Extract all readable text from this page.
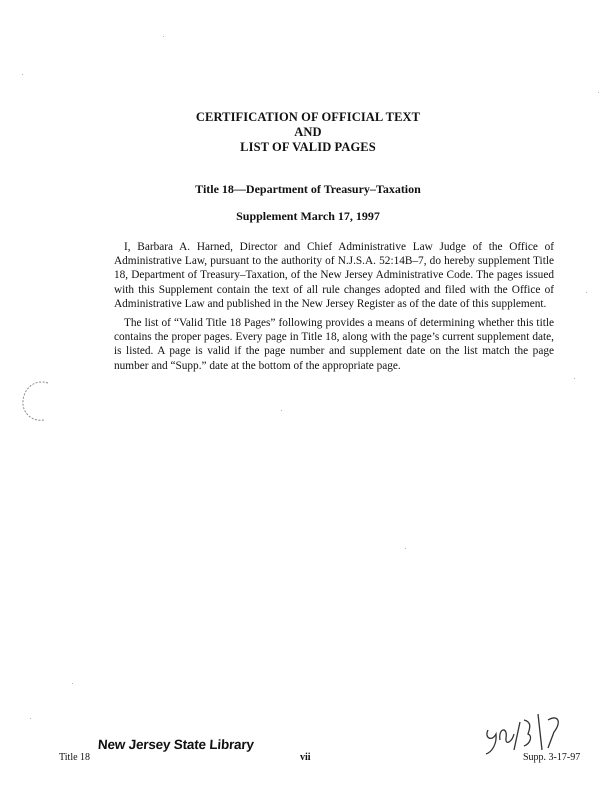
CERTIFICATION OF OFFICIAL TEXT
AND
LIST OF VALID PAGES
Title 18—Department of Treasury–Taxation
Supplement March 17, 1997

I, Barbara A. Harned, Director and Chief Administrative Law Judge of the Office of Administrative Law, pursuant to the authority of N.J.S.A. 52:14B–7, do hereby supplement Title 18, Department of Treasury–Taxation, of the New Jersey Administrative Code. The pages issued with this Supplement contain the text of all rule changes adopted and filed with the Office of Administrative Law and published in the New Jersey Register as of the date of this supplement.

The list of “Valid Title 18 Pages” following provides a means of determining whether this title contains the proper pages. Every page in Title 18, along with the page’s current supplement date, is listed. A page is valid if the page number and supplement date on the list match the page number and “Supp.” date at the bottom of the appropriate page.

New Jersey State Library
Title 18	vii	Supp. 3-17-97
